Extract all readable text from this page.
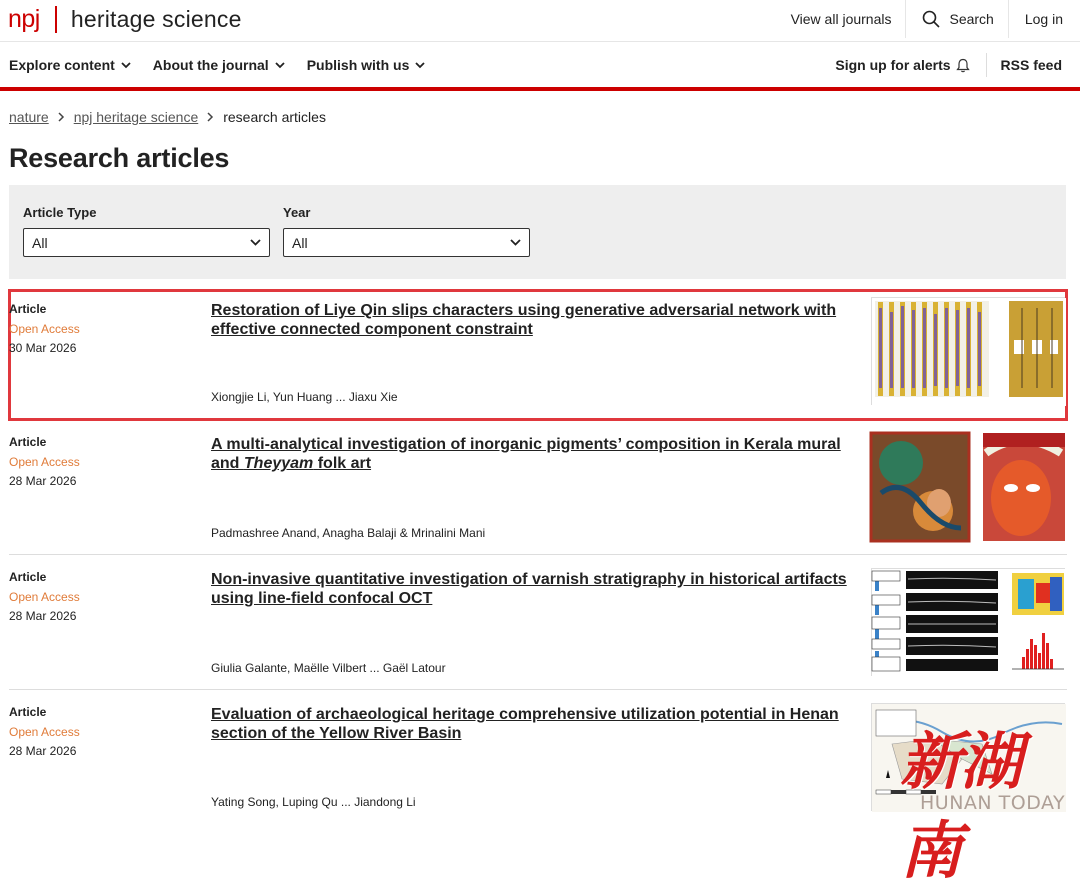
npj heritage science	View all journals	Search	Log in
Explore content	About the journal	Publish with us	Sign up for alerts	RSS feed
nature npj heritage science research articles
Research articles
Article Type
All
Year
All
Article
Open Access
30 Mar 2026
Restoration of Liye Qin slips characters using generative adversarial network with effective connected component constraint
Xiongjie Li, Yun Huang ... Jiaxu Xie
Article
Open Access
28 Mar 2026
A multi-analytical investigation of inorganic pigments’ composition in Kerala mural and Theyyam folk art
Padmashree Anand, Anagha Balaji & Mrinalini Mani
Article
Open Access
28 Mar 2026
Non-invasive quantitative investigation of varnish stratigraphy in historical artifacts using line-field confocal OCT
Giulia Galante, Maëlle Vilbert ... Gaël Latour
Article
Open Access
28 Mar 2026
Evaluation of archaeological heritage comprehensive utilization potential in Henan section of the Yellow River Basin
Yating Song, Luping Qu ... Jiandong Li
新湖南
HUNAN TODAY
